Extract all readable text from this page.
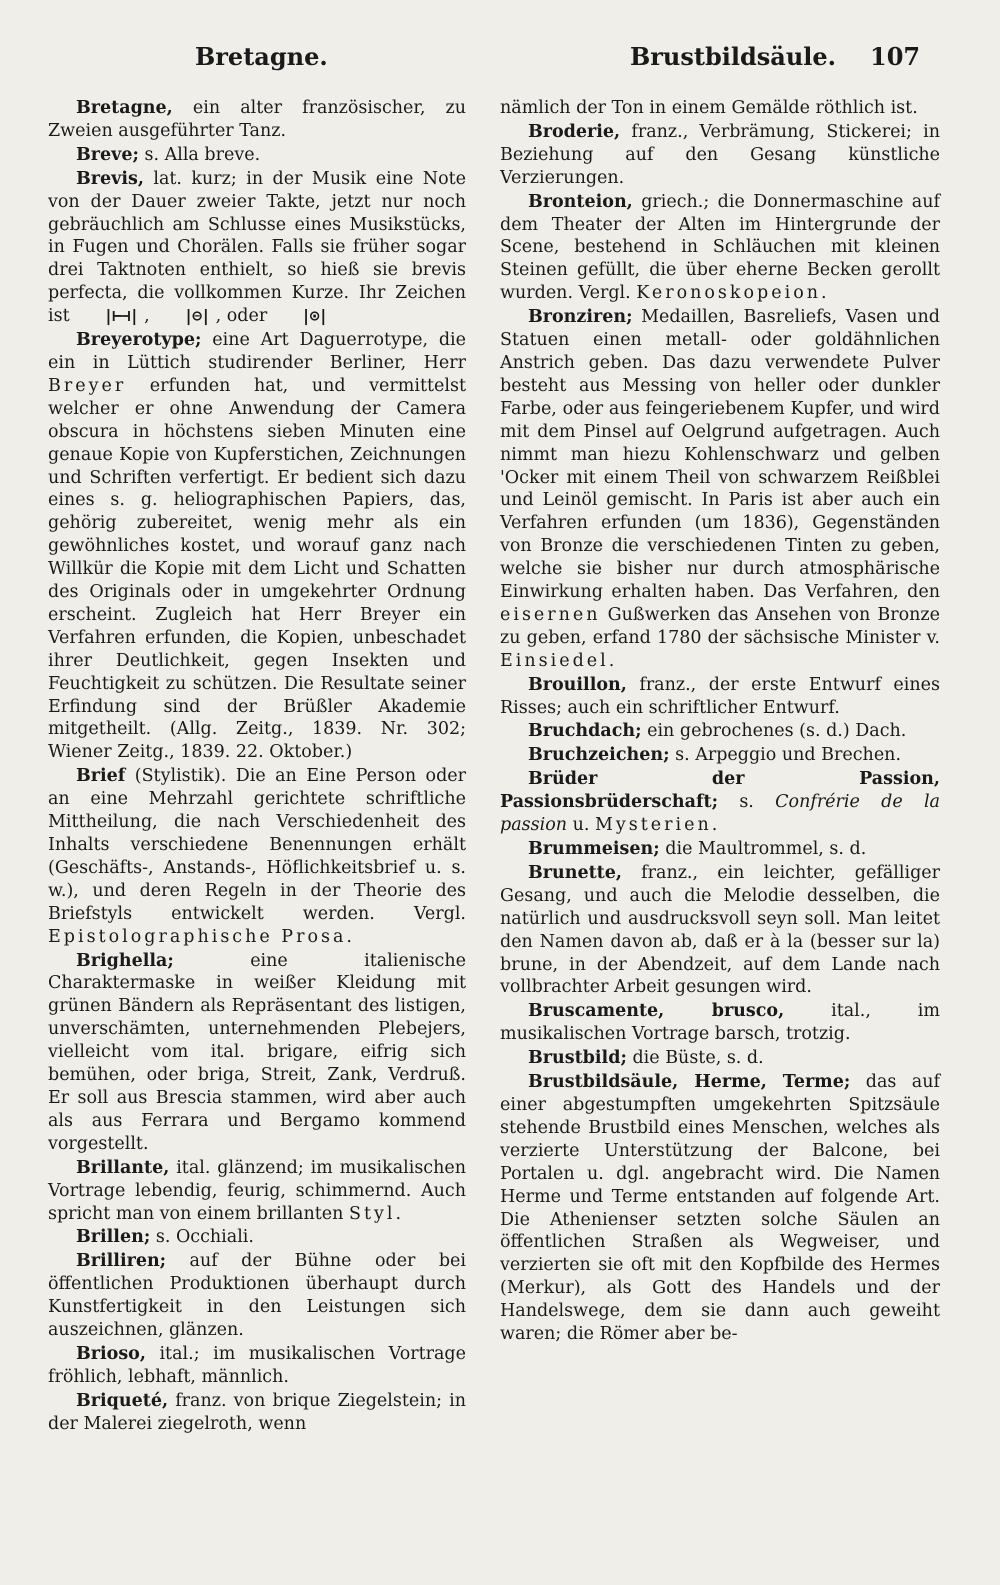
Bretagne.	Brustbildsäule. 107

Bretagne, ein alter französischer, zu Zweien ausgeführter Tanz.

Breve; s. Alla breve.

Brevis, lat. kurz; in der Musik eine Note von der Dauer zweier Takte, jetzt nur noch gebräuchlich am Schlusse eines Musikstücks, in Fugen und Chorälen. Falls sie früher sogar drei Taktnoten enthielt, so hieß sie brevis perfecta, die vollkommen Kurze. Ihr Zeichen ist |⊢⊣| , |⊖| , oder |⊙|

Breyerotype; eine Art Daguerrotype, die ein in Lüttich studirender Berliner, Herr Breyer erfunden hat, und vermittelst welcher er ohne Anwendung der Camera obscura in höchstens sieben Minuten eine genaue Kopie von Kupferstichen, Zeichnungen und Schriften verfertigt. Er bedient sich dazu eines s. g. heliographischen Papiers, das, gehörig zubereitet, wenig mehr als ein gewöhnliches kostet, und worauf ganz nach Willkür die Kopie mit dem Licht und Schatten des Originals oder in umgekehrter Ordnung erscheint. Zugleich hat Herr Breyer ein Verfahren erfunden, die Kopien, unbeschadet ihrer Deutlichkeit, gegen Insekten und Feuchtigkeit zu schützen. Die Resultate seiner Erfindung sind der Brüßler Akademie mitgetheilt. (Allg. Zeitg., 1839. Nr. 302; Wiener Zeitg., 1839. 22. Oktober.)

Brief (Stylistik). Die an Eine Person oder an eine Mehrzahl gerichtete schriftliche Mittheilung, die nach Verschiedenheit des Inhalts verschiedene Benennungen erhält (Geschäfts-, Anstands-, Höflichkeitsbrief u. s. w.), und deren Regeln in der Theorie des Briefstyls entwickelt werden. Vergl. Epistolographische Prosa.

Brighella; eine italienische Charaktermaske in weißer Kleidung mit grünen Bändern als Repräsentant des listigen, unverschämten, unternehmenden Plebejers, vielleicht vom ital. brigare, eifrig sich bemühen, oder briga, Streit, Zank, Verdruß. Er soll aus Brescia stammen, wird aber auch als aus Ferrara und Bergamo kommend vorgestellt.

Brillante, ital. glänzend; im musikalischen Vortrage lebendig, feurig, schimmernd. Auch spricht man von einem brillanten Styl.

Brillen; s. Occhiali.

Brilliren; auf der Bühne oder bei öffentlichen Produktionen überhaupt durch Kunstfertigkeit in den Leistungen sich auszeichnen, glänzen.

Brioso, ital.; im musikalischen Vortrage fröhlich, lebhaft, männlich.

Briqueté, franz. von brique Ziegelstein; in der Malerei ziegelroth, wenn

nämlich der Ton in einem Gemälde röthlich ist.

Broderie, franz., Verbrämung, Stickerei; in Beziehung auf den Gesang künstliche Verzierungen.

Bronteion, griech.; die Donnermaschine auf dem Theater der Alten im Hintergrunde der Scene, bestehend in Schläuchen mit kleinen Steinen gefüllt, die über eherne Becken gerollt wurden. Vergl. Keronoskopeion.

Bronziren; Medaillen, Basreliefs, Vasen und Statuen einen metall- oder goldähnlichen Anstrich geben. Das dazu verwendete Pulver besteht aus Messing von heller oder dunkler Farbe, oder aus feingeriebenem Kupfer, und wird mit dem Pinsel auf Oelgrund aufgetragen. Auch nimmt man hiezu Kohlenschwarz und gelben 'Ocker mit einem Theil von schwarzem Reißblei und Leinöl gemischt. In Paris ist aber auch ein Verfahren erfunden (um 1836), Gegenständen von Bronze die verschiedenen Tinten zu geben, welche sie bisher nur durch atmosphärische Einwirkung erhalten haben. Das Verfahren, den eisernen Gußwerken das Ansehen von Bronze zu geben, erfand 1780 der sächsische Minister v. Einsiedel.

Brouillon, franz., der erste Entwurf eines Risses; auch ein schriftlicher Entwurf.

Bruchdach; ein gebrochenes (s. d.) Dach.

Bruchzeichen; s. Arpeggio und Brechen.

Brüder der Passion, Passionsbrüderschaft; s. Confrérie de la passion u. Mysterien.

Brummeisen; die Maultrommel, s. d.

Brunette, franz., ein leichter, gefälliger Gesang, und auch die Melodie desselben, die natürlich und ausdrucksvoll seyn soll. Man leitet den Namen davon ab, daß er à la (besser sur la) brune, in der Abendzeit, auf dem Lande nach vollbrachter Arbeit gesungen wird.

Bruscamente, brusco, ital., im musikalischen Vortrage barsch, trotzig.

Brustbild; die Büste, s. d.

Brustbildsäule, Herme, Terme; das auf einer abgestumpften umgekehrten Spitzsäule stehende Brustbild eines Menschen, welches als verzierte Unterstützung der Balcone, bei Portalen u. dgl. angebracht wird. Die Namen Herme und Terme entstanden auf folgende Art. Die Athenienser setzten solche Säulen an öffentlichen Straßen als Wegweiser, und verzierten sie oft mit den Kopfbilde des Hermes (Merkur), als Gott des Handels und der Handelswege, dem sie dann auch geweiht waren; die Römer aber be-
